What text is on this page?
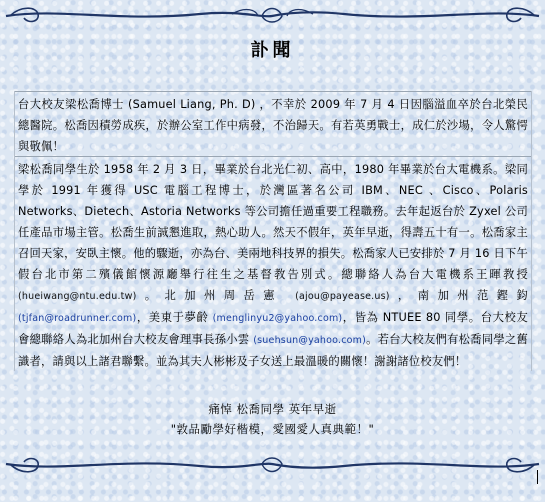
訃聞
台大校友梁松喬博士 (Samuel Liang, Ph. D) ，不幸於 2009 年 7 月 4 日因腦溢血卒於台北榮民總醫院。松喬因積勞成疾，於辦公室工作中病發，不治歸天。有若英勇戰士，成仁於沙場，令人驚愕與敬佩！
梁松喬同學生於 1958 年 2 月 3 日，畢業於台北光仁初、高中，1980 年畢業於台大電機系。梁同學於 1991 年獲得 USC 電腦工程博士，於灣區著名公司 IBM、NEC 、Cisco、Polaris Networks、Dietech、Astoria Networks 等公司擔任過重要工程職務。去年起返台於 Zyxel 公司任產品市場主管。松喬生前誠懇進取，熱心助人。然天不假年，英年早逝，得壽五十有一。松喬家主召回天家，安臥主懷。他的驟逝，亦為台、美兩地科技界的損失。松喬家人已安排於 7 月 16 日下午假台北市第二殯儀館懷源廳舉行往生之基督教告別式。總聯絡人為台大電機系王暉教授 (hueiwang@ntu.edu.tw)。北加州周岳憲 (ajou@payease.us)，南加州范鏗鈞 (tjfan@roadrunner.com)，美東于夢齡 (menglinyu2@yahoo.com)，皆為 NTUEE 80 同學。台大校友會總聯絡人為北加州台大校友會理事長孫小雲 (suehsun@yahoo.com)。若台大校友們有松喬同學之舊識者，請與以上諸君聯繫。並為其夫人彬彬及子女送上最溫暖的關懷！謝謝諸位校友們！
痛悼 松喬同學 英年早逝
"敦品勵學好楷模，愛國愛人真典範！"
